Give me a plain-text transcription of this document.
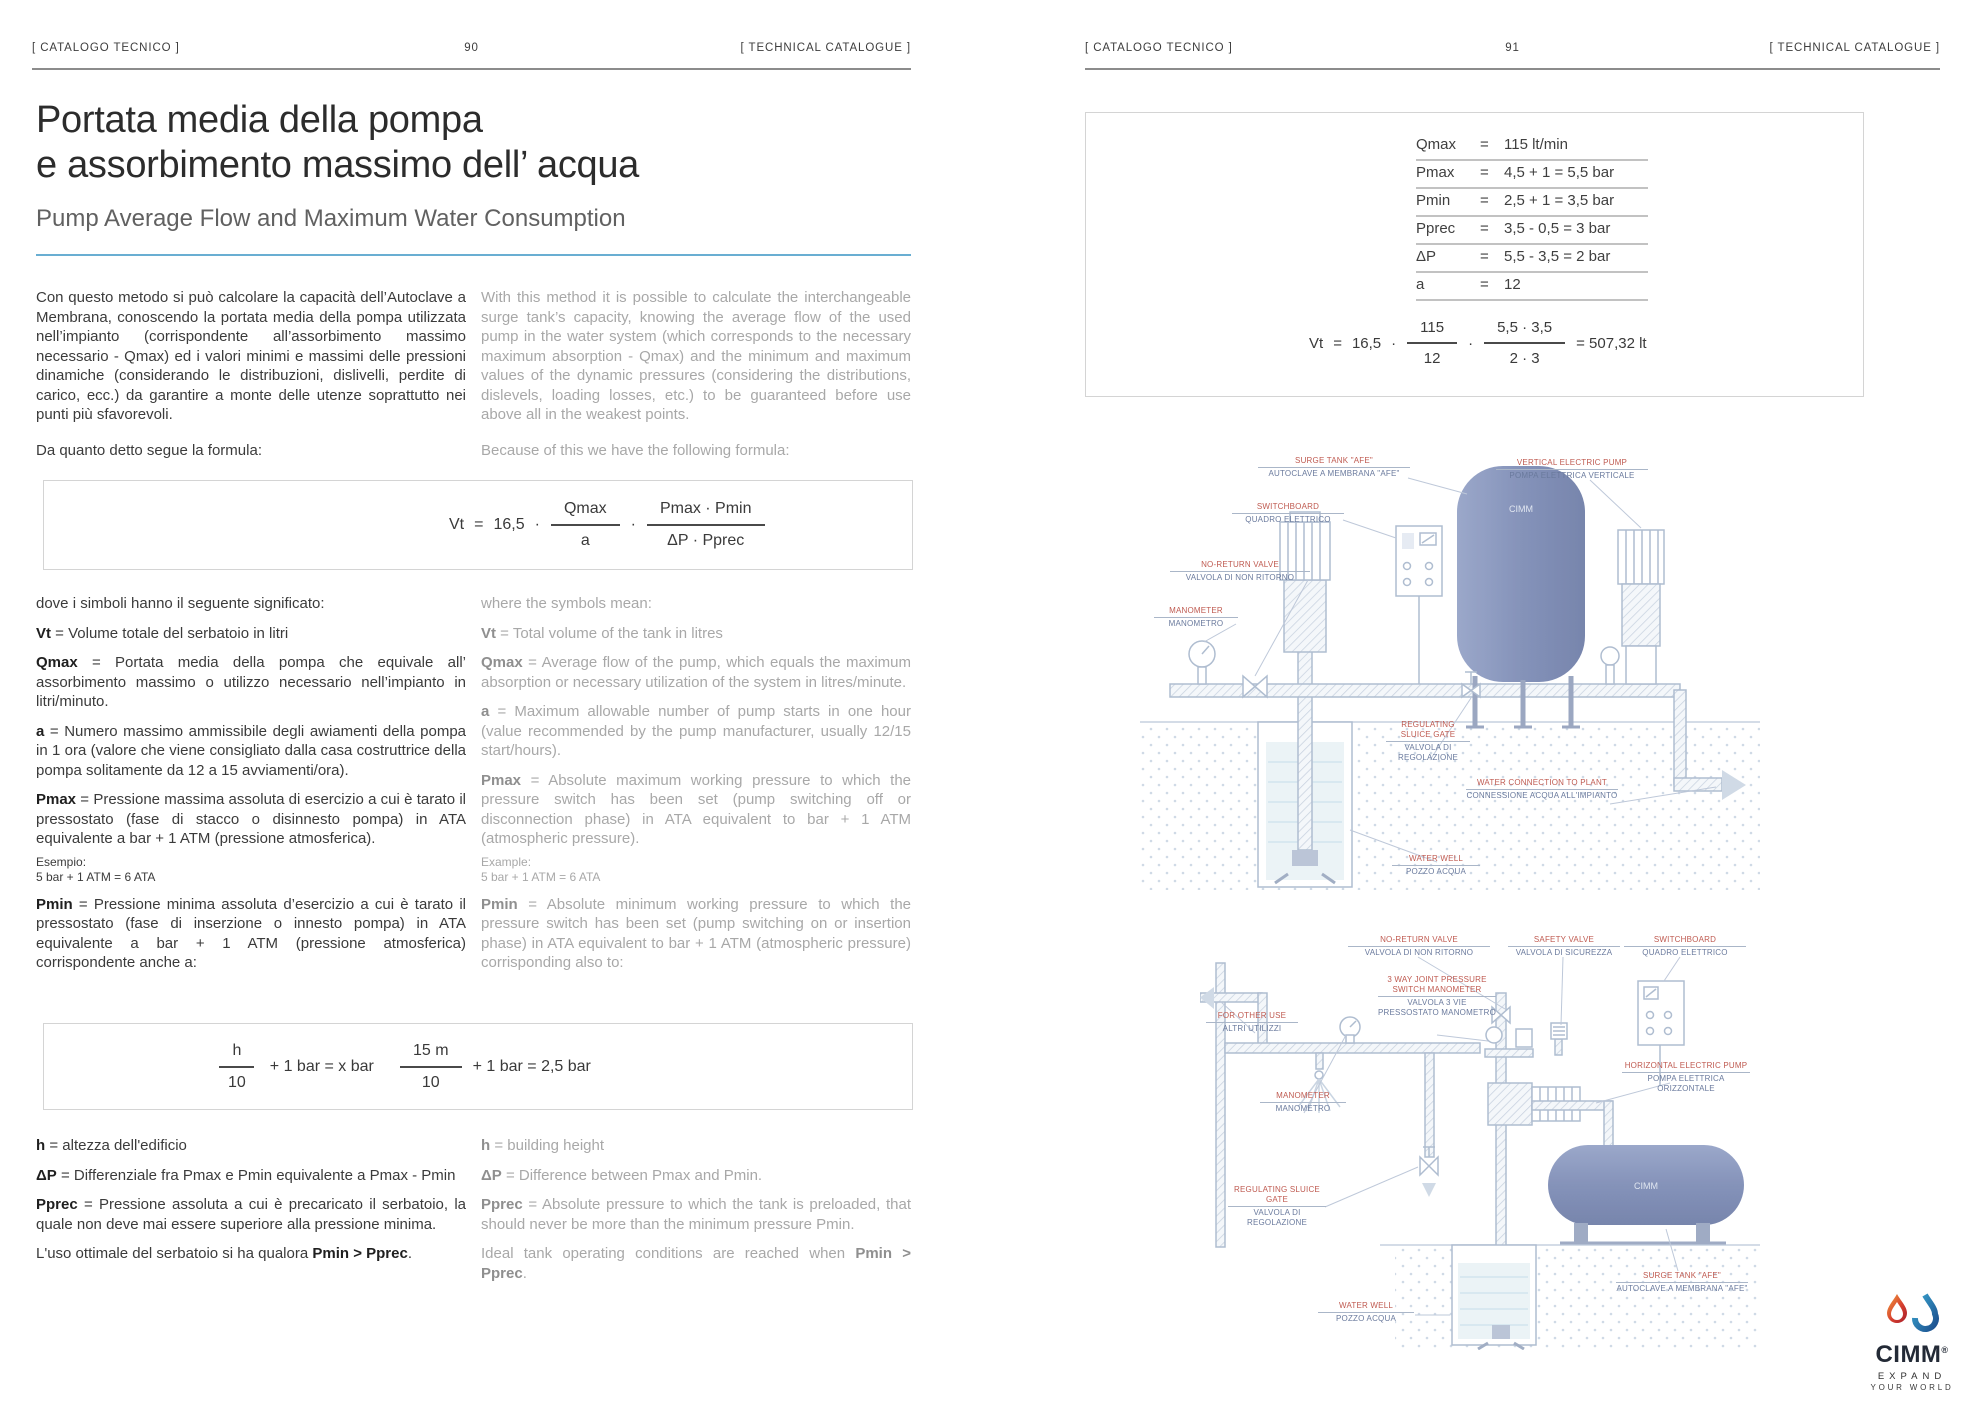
[ CATALOGO TECNICO ]	90	[ TECHNICAL CATALOGUE ]
Portata media della pompa
e assorbimento massimo dell’ acqua
Pump Average Flow and Maximum Water Consumption

Con questo metodo si può calcolare la capacità dell’Autoclave a Membrana, conoscendo la portata media della pompa utilizzata nell’impianto (corrispondente all’assorbimento massimo necessario - Qmax) ed i valori minimi e massimi delle pressioni dinamiche (considerando le distribuzioni, dislivelli, perdite di carico, ecc.) da garantire a monte delle utenze soprattutto nei punti più sfavorevoli.

Da quanto detto segue la formula:

With this method it is possible to calculate the interchangeable surge tank’s capacity, knowing the average flow of the used pump in the water system (which corresponds to the necessary maximum absorption - Qmax) and the minimum and maximum values of the dynamic pressures (considering the distributions, dislevels, loading losses, etc.) to be guaranteed before use above all in the weakest points.

Because of this we have the following formula:

$Vt = 16,5 \cdot \frac{Qmax}{a} \cdot \frac{Pmax \cdot Pmin}{\text{ΔP · Pprec}}$

dove i simboli hanno il seguente significato:

Vt = Volume totale del serbatoio in litri

Qmax = Portata media della pompa che equivale all’ assorbimento massimo o utilizzo necessario nell’impianto in litri/minuto.

a = Numero massimo ammissibile degli awiamenti della pompa in 1 ora (valore che viene consigliato dalla casa costruttrice della pompa solitamente da 12 a 15 avviamenti/ora).

Pmax = Pressione massima assoluta di esercizio a cui è tarato il pressostato (fase di stacco o disinnesto pompa) in ATA equivalente a bar + 1 ATM (pressione atmosferica).

Esempio:
5 bar + 1 ATM = 6 ATA

Pmin = Pressione minima assoluta d’esercizio a cui è tarato il pressostato (fase di inserzione o innesto pompa) in ATA equivalente a bar + 1 ATM (pressione atmosferica) corrispondente anche a:

where the symbols mean:

Vt = Total volume of the tank in litres

Qmax = Average flow of the pump, which equals the maximum absorption or necessary utilization of the system in litres/minute.

a = Maximum allowable number of pump starts in one hour (value recommended by the pump manufacturer, usually 12/15 start/hours).

Pmax = Absolute maximum working pressure to which the pressure switch has been set (pump switching off or disconnection phase) in ATA equivalent to bar + 1 ATM (atmospheric pressure).

Example:
5 bar + 1 ATM = 6 ATA

Pmin = Absolute minimum working pressure to which the pressure switch has been set (pump switching on or insertion phase) in ATA equivalent to bar + 1 ATM (atmospheric pressure) corrisponding also to:

$\frac{h}{10} + 1$ bar = x bar $\frac{15 m}{10} + 1$ bar = 2,5 bar

h = altezza dell'edificio

ΔP = Differenziale fra Pmax e Pmin equivalente a Pmax - Pmin

Pprec = Pressione assoluta a cui è precaricato il serbatoio, la quale non deve mai essere superiore alla pressione minima.

L'uso ottimale del serbatoio si ha qualora Pmin > Pprec.

h = building height

ΔP = Difference between Pmax and Pmin.

Pprec = Absolute pressure to which the tank is preloaded, that should never be more than the minimum pressure Pmin.

Ideal tank operating conditions are reached when Pmin > Pprec.

[ CATALOGO TECNICO ]	91	[ TECHNICAL CATALOGUE ]
Qmax	=	115 lt/min
Pmax	=	4,5 + 1 = 5,5 bar
Pmin	=	2,5 + 1 = 3,5 bar
Pprec	=	3,5 - 0,5 = 3 bar
ΔP	=	5,5 - 3,5 = 2 bar
a	=	12
$Vt = 16,5 \cdot \frac{115}{12} \cdot \frac{5,5 \cdot 3,5}{2 \cdot 3} = 507,32$ lt
CIMM
SURGE TANK "AFE"
AUTOCLAVE A MEMBRANA "AFE"
VERTICAL ELECTRIC PUMP
POMPA ELETTRICA VERTICALE
SWITCHBOARD
QUADRO ELETTRICO
NO-RETURN VALVE
VALVOLA DI NON RITORNO
MANOMETER
MANOMETRO
REGULATING SLUICE GATE
VALVOLA DI REGOLAZIONE
WATER CONNECTION TO PLANT
CONNESSIONE ACQUA ALL'IMPIANTO
WATER WELL
POZZO ACQUA
CIMM
NO-RETURN VALVE
VALVOLA DI NON RITORNO
SAFETY VALVE
VALVOLA DI SICUREZZA
SWITCHBOARD
QUADRO ELETTRICO
3 WAY JOINT PRESSURE SWITCH MANOMETER
VALVOLA 3 VIE PRESSOSTATO MANOMETRO
FOR OTHER USE
ALTRI UTILIZZI
MANOMETER
MANOMETRO
HORIZONTAL ELECTRIC PUMP
POMPA ELETTRICA ORIZZONTALE
REGULATING SLUICE GATE
VALVOLA DI REGOLAZIONE
SURGE TANK "AFE"
AUTOCLAVE A MEMBRANA "AFE"
WATER WELL
POZZO ACQUA
CIMM®
EXPAND
YOUR WORLD
